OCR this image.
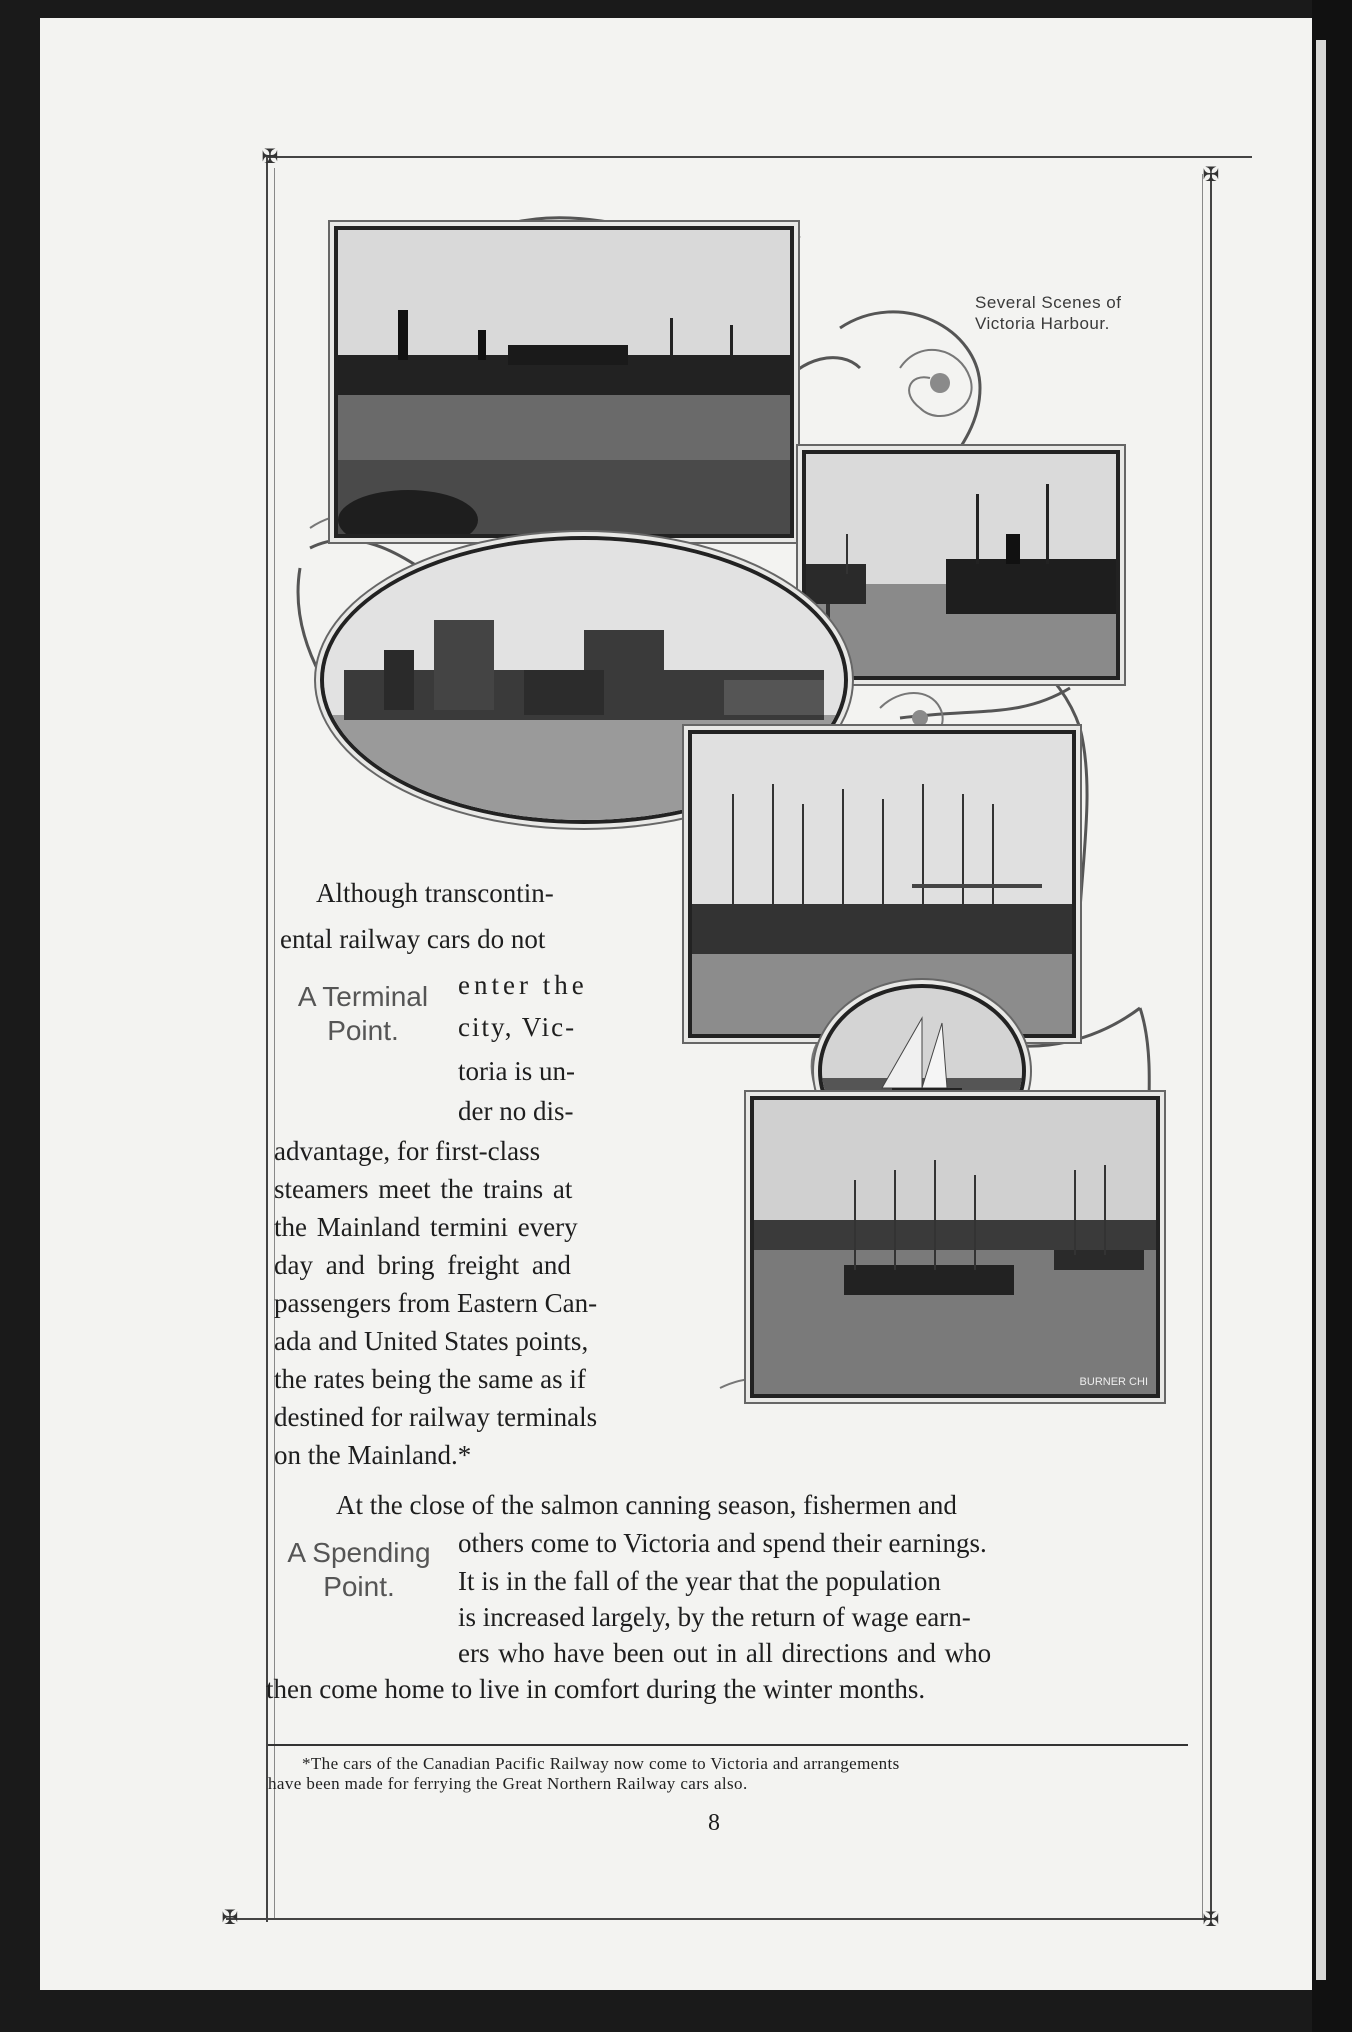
✠
✠
✠	✠
BURNER CHI
Several Scenes of
Victoria Harbour.
A Terminal
Point.
Although transcontin-
ental railway cars do not
enter the
city, Vic-
toria is un-
der no dis-
advantage, for first-class
steamers meet the trains at
the Mainland termini every
day and bring freight and
passengers from Eastern Can-
ada and United States points,
the rates being the same as if
destined for railway terminals
on the Mainland.*
A Spending
Point.
At the close of the salmon canning season, fishermen and
others come to Victoria and spend their earnings.
It is in the fall of the year that the population
is increased largely, by the return of wage earn-
ers who have been out in all directions and who
then come home to live in comfort during the winter months.
*The cars of the Canadian Pacific Railway now come to Victoria and arrangements
have been made for ferrying the Great Northern Railway cars also.
8
